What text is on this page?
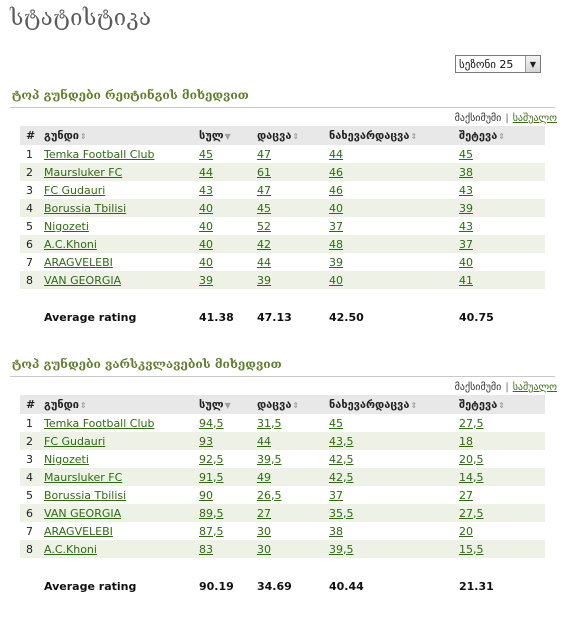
სტატისტიკა
სეზონი 25	▼
ტოპ გუნდები რეიტინგის მიხედვით
მაქსიმუმი | საშუალო
#	გუნდი⇕	სულ▼	დაცვა⇕	ნახევარდაცვა⇕	შეტევა⇕
1	Temka Football Club	45	47	44	45
2	Maursluker FC	44	61	46	38
3	FC Gudauri	43	47	46	43
4	Borussia Tbilisi	40	45	40	39
5	Nigozeti	40	52	37	43
6	A.C.Khoni	40	42	48	37
7	ARAGVELEBI	40	44	39	40
8	VAN GEORGIA	39	39	40	41

	Average rating	41.38	47.13	42.50	40.75
ტოპ გუნდები ვარსკვლავების მიხედვით
მაქსიმუმი | საშუალო
#	გუნდი⇕	სულ▼	დაცვა⇕	ნახევარდაცვა⇕	შეტევა⇕
1	Temka Football Club	94,5	31,5	45	27,5
2	FC Gudauri	93	44	43,5	18
3	Nigozeti	92,5	39,5	42,5	20,5
4	Maursluker FC	91,5	49	42,5	14,5
5	Borussia Tbilisi	90	26,5	37	27
6	VAN GEORGIA	89,5	27	35,5	27,5
7	ARAGVELEBI	87,5	30	38	20
8	A.C.Khoni	83	30	39,5	15,5

	Average rating	90.19	34.69	40.44	21.31
